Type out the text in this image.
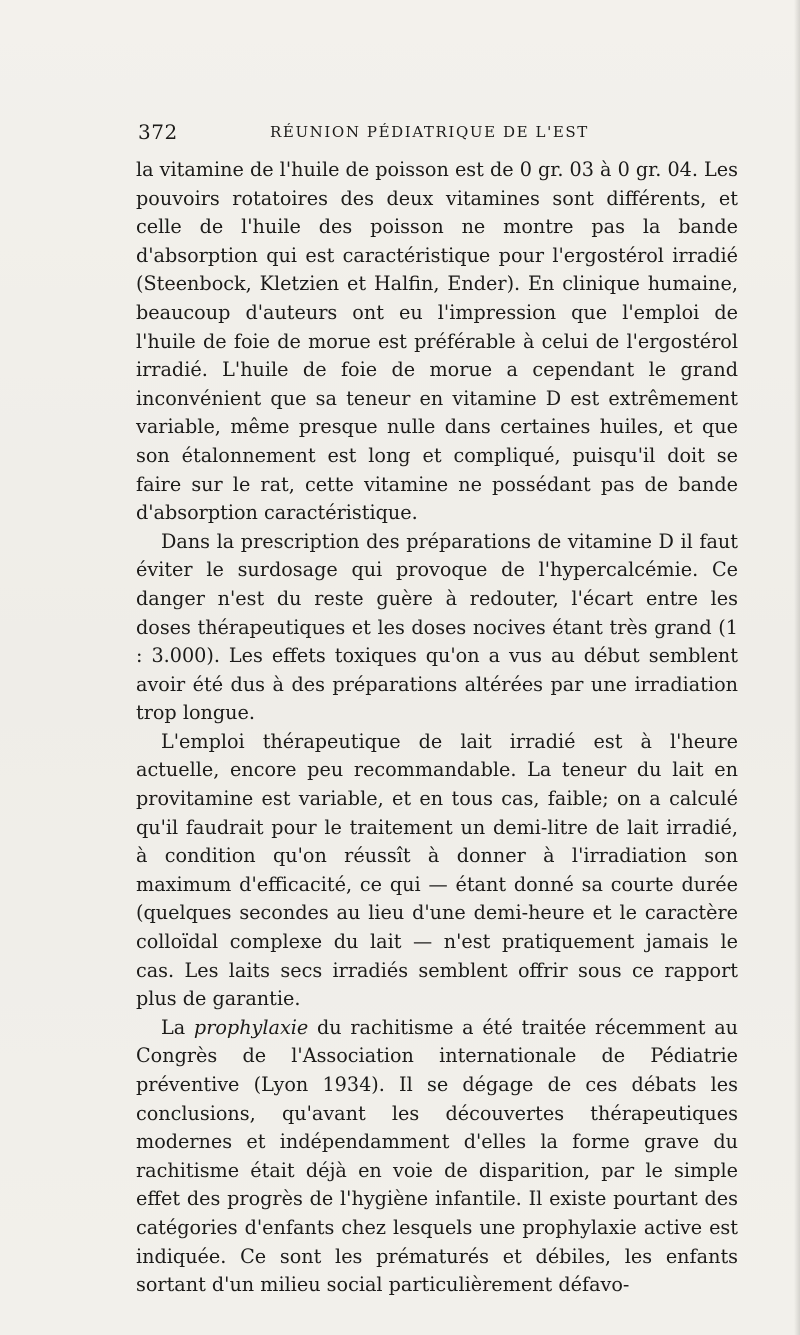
372	RÉUNION PÉDIATRIQUE DE L'EST

la vitamine de l'huile de poisson est de 0 gr. 03 à 0 gr. 04. Les pouvoirs rotatoires des deux vitamines sont différents, et celle de l'huile des poisson ne montre pas la bande d'absorption qui est caractéristique pour l'ergostérol irradié (Steenbock, Kletzien et Halfin, Ender). En clinique humaine, beaucoup d'auteurs ont eu l'impression que l'emploi de l'huile de foie de morue est préférable à celui de l'ergostérol irradié. L'huile de foie de morue a cependant le grand inconvénient que sa teneur en vitamine D est extrêmement variable, même presque nulle dans certaines huiles, et que son étalonnement est long et compliqué, puisqu'il doit se faire sur le rat, cette vitamine ne possédant pas de bande d'absorption caractéristique.

Dans la prescription des préparations de vitamine D il faut éviter le surdosage qui provoque de l'hypercalcémie. Ce danger n'est du reste guère à redouter, l'écart entre les doses thérapeutiques et les doses nocives étant très grand (1 : 3.000). Les effets toxiques qu'on a vus au début semblent avoir été dus à des préparations altérées par une irradiation trop longue.

L'emploi thérapeutique de lait irradié est à l'heure actuelle, encore peu recommandable. La teneur du lait en provitamine est variable, et en tous cas, faible; on a calculé qu'il faudrait pour le traitement un demi-litre de lait irradié, à condition qu'on réussît à donner à l'irradiation son maximum d'efficacité, ce qui — étant donné sa courte durée (quelques secondes au lieu d'une demi-heure et le caractère colloïdal complexe du lait — n'est pratiquement jamais le cas. Les laits secs irradiés semblent offrir sous ce rapport plus de garantie.

La prophylaxie du rachitisme a été traitée récemment au Congrès de l'Association internationale de Pédiatrie préventive (Lyon 1934). Il se dégage de ces débats les conclusions, qu'avant les découvertes thérapeutiques modernes et indépendamment d'elles la forme grave du rachitisme était déjà en voie de disparition, par le simple effet des progrès de l'hygiène infantile. Il existe pourtant des catégories d'enfants chez lesquels une prophylaxie active est indiquée. Ce sont les prématurés et débiles, les enfants sortant d'un milieu social particulièrement défavo-
